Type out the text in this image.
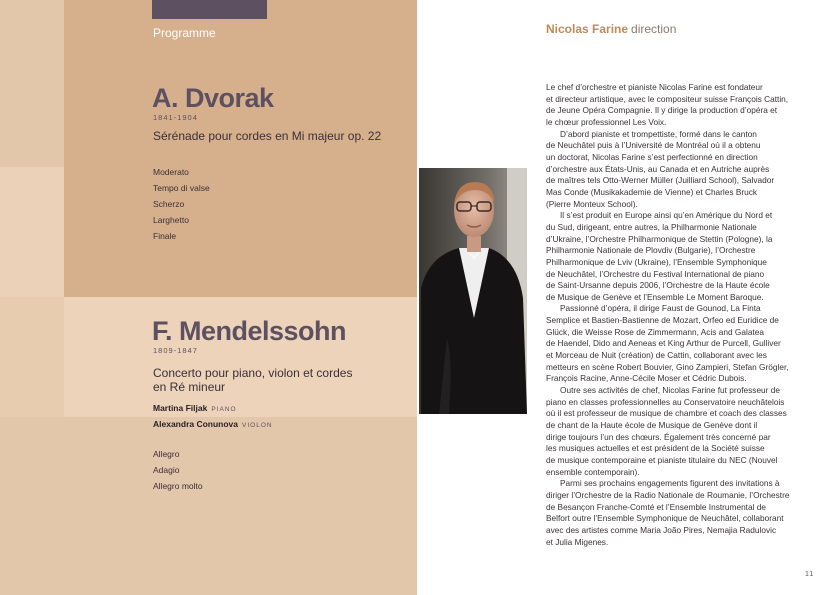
Programme
A. Dvorak
1841-1904
Sérénade pour cordes en Mi majeur op. 22
Moderato
Tempo di valse
Scherzo
Larghetto
Finale
F. Mendelssohn
1809-1847
Concerto pour piano, violon et cordes
en Ré mineur
Martina Filjak PIANO
Alexandra Conunova VIOLON
Allegro
Adagio
Allegro molto
Nicolas Farine direction

Le chef d’orchestre et pianiste Nicolas Farine est fondateur
et directeur artistique, avec le compositeur suisse François Cattin,
de Jeune Opéra Compagnie. Il y dirige la production d’opéra et
le chœur professionnel Les Voix.

D’abord pianiste et trompettiste, formé dans le canton
de Neuchâtel puis à l’Université de Montréal où il a obtenu
un doctorat, Nicolas Farine s’est perfectionné en direction
d’orchestre aux États-Unis, au Canada et en Autriche auprès
de maîtres tels Otto-Werner Müller (Juilliard School), Salvador
Mas Conde (Musikakademie de Vienne) et Charles Bruck
(Pierre Monteux School).

Il s’est produit en Europe ainsi qu’en Amérique du Nord et
du Sud, dirigeant, entre autres, la Philharmonie Nationale
d’Ukraine, l’Orchestre Philharmonique de Stettin (Pologne), la
Philharmonie Nationale de Plovdiv (Bulgarie), l’Orchestre
Philharmonique de Lviv (Ukraine), l’Ensemble Symphonique
de Neuchâtel, l’Orchestre du Festival International de piano
de Saint-Ursanne depuis 2006, l’Orchestre de la Haute école
de Musique de Genève et l’Ensemble Le Moment Baroque.

Passionné d’opéra, il dirige Faust de Gounod, La Finta
Semplice et Bastien-Bastienne de Mozart, Orfeo ed Euridice de
Glück, die Weisse Rose de Zimmermann, Acis and Galatea
de Haendel, Dido and Aeneas et King Arthur de Purcell, Gulliver
et Morceau de Nuit (création) de Cattin, collaborant avec les
metteurs en scène Robert Bouvier, Gino Zampieri, Stefan Grögler,
François Racine, Anne-Cécile Moser et Cédric Dubois.

Outre ses activités de chef, Nicolas Farine fut professeur de
piano en classes professionnelles au Conservatoire neuchâtelois
où il est professeur de musique de chambre et coach des classes
de chant de la Haute école de Musique de Genève dont il
dirige toujours l’un des chœurs. Également très concerné par
les musiques actuelles et est président de la Société suisse
de musique contemporaine et pianiste titulaire du NEC (Nouvel
ensemble contemporain).

Parmi ses prochains engagements figurent des invitations à
diriger l’Orchestre de la Radio Nationale de Roumanie, l’Orchestre
de Besançon Franche-Comté et l’Ensemble Instrumental de
Belfort outre l’Ensemble Symphonique de Neuchâtel, collaborant
avec des artistes comme Maria João Pires, Nemajia Radulovic
et Julia Migenes.

11
